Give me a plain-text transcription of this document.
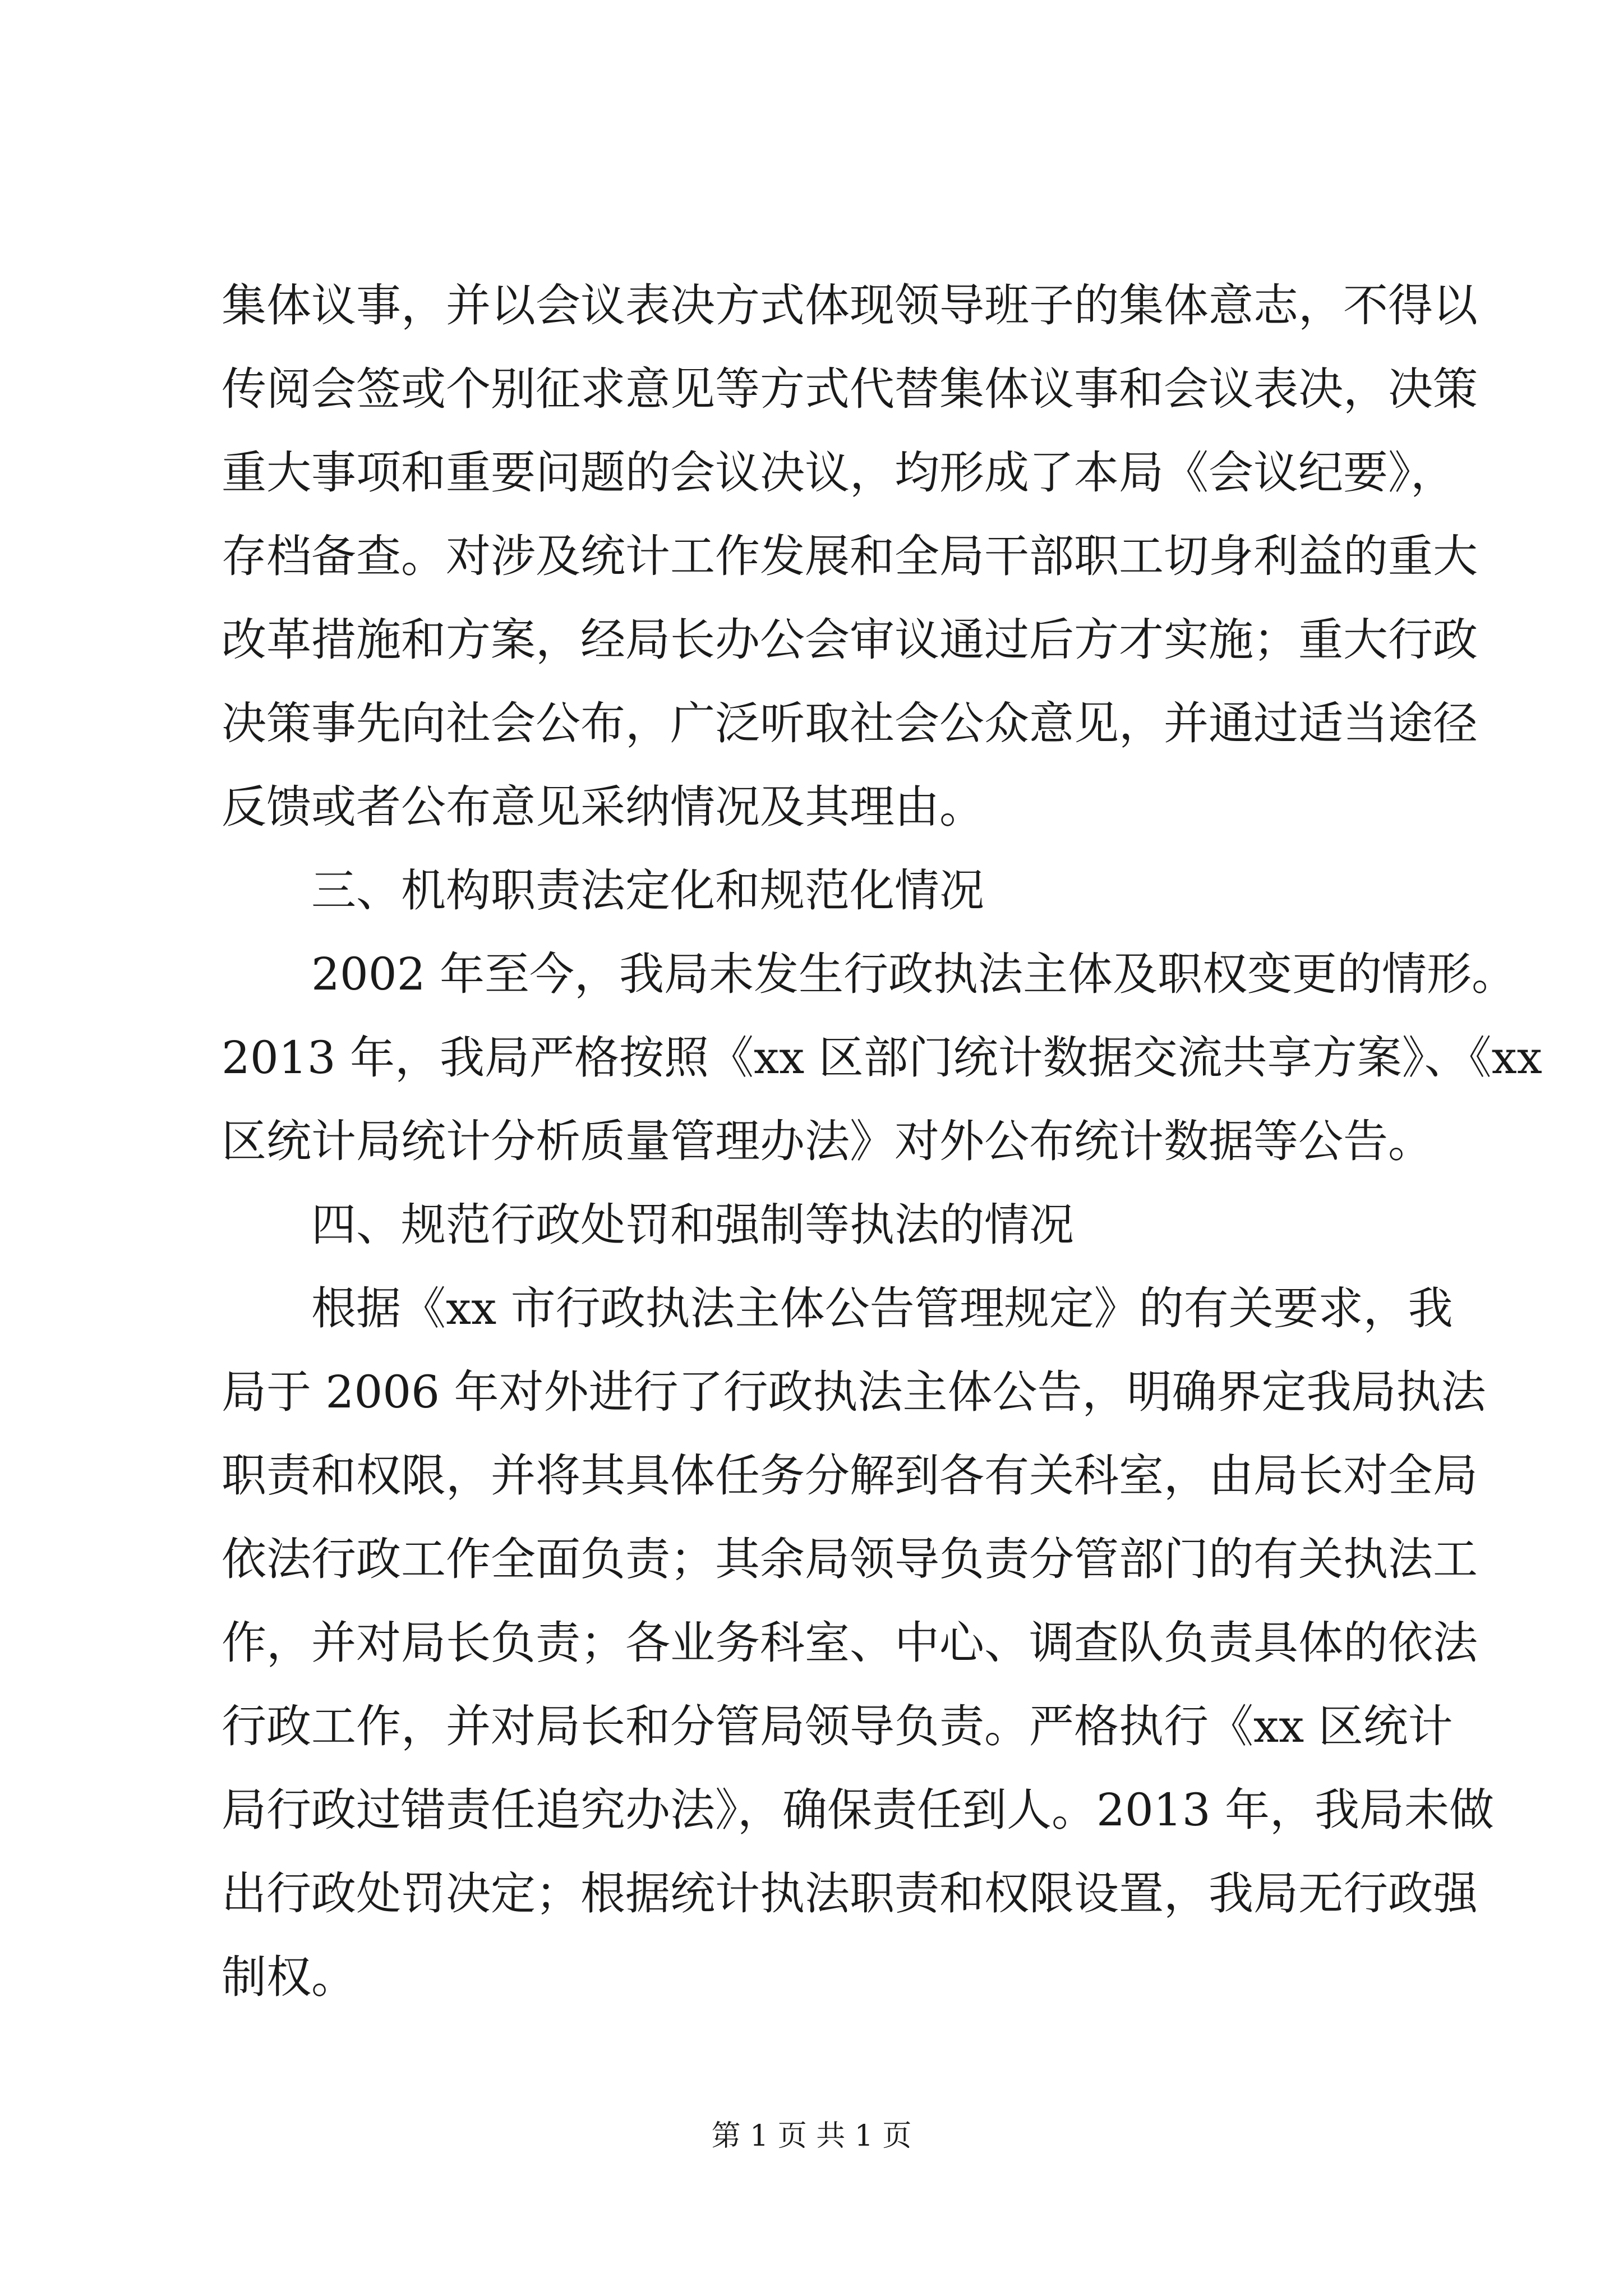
集体议事，并以会议表决方式体现领导班子的集体意志，不得以
传阅会签或个别征求意见等方式代替集体议事和会议表决，决策
重大事项和重要问题的会议决议，均形成了本局《会议纪要》，
存档备查。对涉及统计工作发展和全局干部职工切身利益的重大
改革措施和方案，经局长办公会审议通过后方才实施；重大行政
决策事先向社会公布，广泛听取社会公众意见，并通过适当途径
反馈或者公布意见采纳情况及其理由。
三、机构职责法定化和规范化情况
2002 年至今，我局未发生行政执法主体及职权变更的情形。
2013 年，我局严格按照《xx 区部门统计数据交流共享方案》、《xx
区统计局统计分析质量管理办法》对外公布统计数据等公告。
四、规范行政处罚和强制等执法的情况
根据《xx 市行政执法主体公告管理规定》的有关要求，我
局于 2006 年对外进行了行政执法主体公告，明确界定我局执法
职责和权限，并将其具体任务分解到各有关科室，由局长对全局
依法行政工作全面负责；其余局领导负责分管部门的有关执法工
作，并对局长负责；各业务科室、中心、调查队负责具体的依法
行政工作，并对局长和分管局领导负责。严格执行《xx 区统计
局行政过错责任追究办法》，确保责任到人。2013 年，我局未做
出行政处罚决定；根据统计执法职责和权限设置，我局无行政强
制权。
第 1 页 共 1 页
